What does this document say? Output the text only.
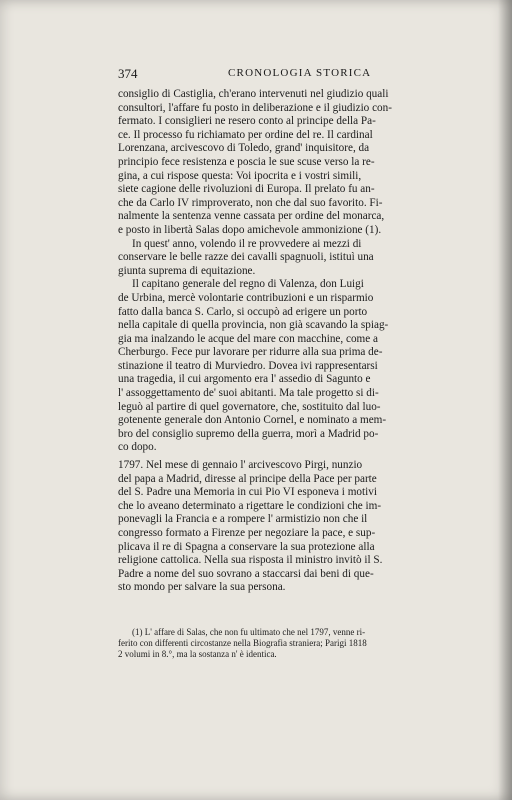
374	CRONOLOGIA STORICA
consiglio di Castiglia, ch'erano intervenuti nel giudizio quali
consultori, l'affare fu posto in deliberazione e il giudizio con-
fermato. I consiglieri ne resero conto al principe della Pa-
ce. Il processo fu richiamato per ordine del re. Il cardinal
Lorenzana, arcivescovo di Toledo, grand' inquisitore, da
principio fece resistenza e poscia le sue scuse verso la re-
gina, a cui rispose questa: Voi ipocrita e i vostri simili,
siete cagione delle rivoluzioni di Europa. Il prelato fu an-
che da Carlo IV rimproverato, non che dal suo favorito. Fi-
nalmente la sentenza venne cassata per ordine del monarca,
e posto in libertà Salas dopo amichevole ammonizione (1).
In quest' anno, volendo il re provvedere ai mezzi di
conservare le belle razze dei cavalli spagnuoli, istituì una
giunta suprema di equitazione.
Il capitano generale del regno di Valenza, don Luigi
de Urbina, mercè volontarie contribuzioni e un risparmio
fatto dalla banca S. Carlo, si occupò ad erigere un porto
nella capitale di quella provincia, non già scavando la spiag-
gia ma inalzando le acque del mare con macchine, come a
Cherburgo. Fece pur lavorare per ridurre alla sua prima de-
stinazione il teatro di Murviedro. Dovea ivi rappresentarsi
una tragedia, il cui argomento era l' assedio di Sagunto e
l' assoggettamento de' suoi abitanti. Ma tale progetto si di-
leguò al partire di quel governatore, che, sostituito dal luo-
gotenente generale don Antonio Cornel, e nominato a mem-
bro del consiglio supremo della guerra, morì a Madrid po-
co dopo.
1797. Nel mese di gennaio l' arcivescovo Pirgi, nunzio
del papa a Madrid, diresse al principe della Pace per parte
del S. Padre una Memoria in cui Pio VI esponeva i motivi
che lo aveano determinato a rigettare le condizioni che im-
ponevagli la Francia e a rompere l' armistizio non che il
congresso formato a Firenze per negoziare la pace, e sup-
plicava il re di Spagna a conservare la sua protezione alla
religione cattolica. Nella sua risposta il ministro invitò il S.
Padre a nome del suo sovrano a staccarsi dai beni di que-
sto mondo per salvare la sua persona.
(1) L' affare di Salas, che non fu ultimato che nel 1797, venne ri-
ferito con differenti circostanze nella Biografia straniera; Parigi 1818
2 volumi in 8.°, ma la sostanza n' è identica.
